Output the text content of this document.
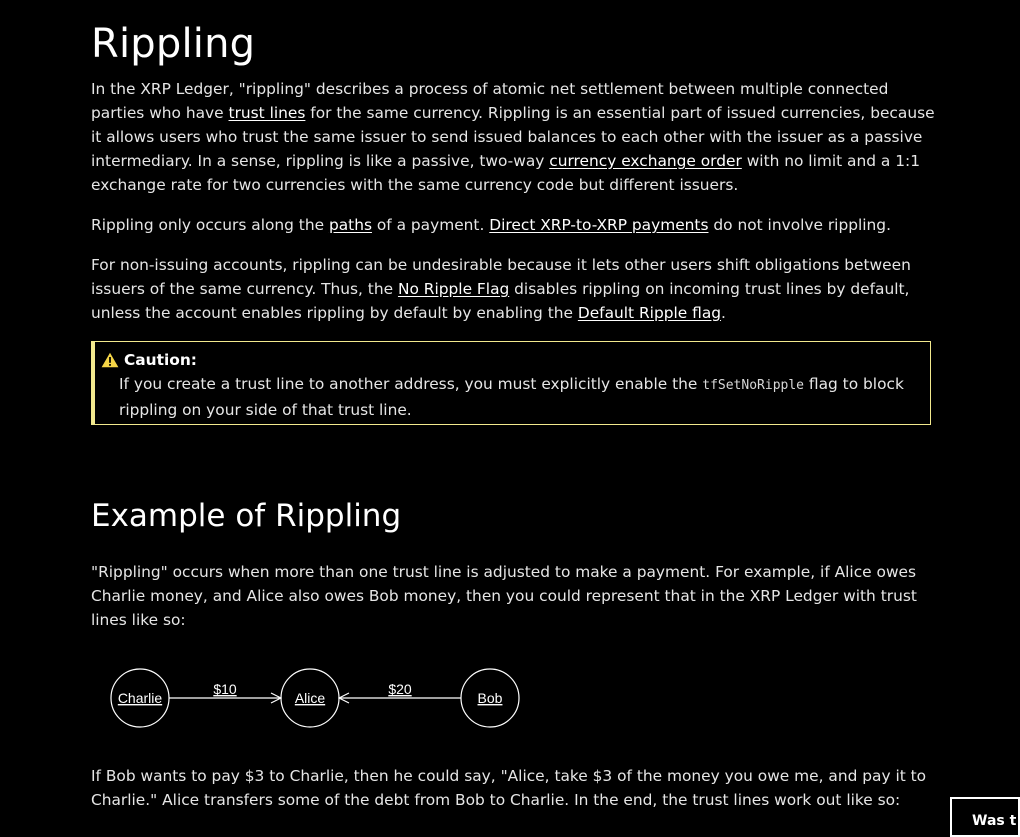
Rippling

In the XRP Ledger, "rippling" describes a process of atomic net settlement between multiple connected parties who have trust lines for the same currency. Rippling is an essential part of issued currencies, because it allows users who trust the same issuer to send issued balances to each other with the issuer as a passive intermediary. In a sense, rippling is like a passive, two-way currency exchange order with no limit and a 1:1 exchange rate for two currencies with the same currency code but different issuers.

Rippling only occurs along the paths of a payment. Direct XRP-to-XRP payments do not involve rippling.

For non-issuing accounts, rippling can be undesirable because it lets other users shift obligations between issuers of the same currency. Thus, the No Ripple Flag disables rippling on incoming trust lines by default, unless the account enables rippling by default by enabling the Default Ripple flag.

Caution:
If you create a trust line to another address, you must explicitly enable the tfSetNoRipple flag to block rippling on your side of that trust line.
Example of Rippling

"Rippling" occurs when more than one trust line is adjusted to make a payment. For example, if Alice owes Charlie money, and Alice also owes Bob money, then you could represent that in the XRP Ledger with trust lines like so:

If Bob wants to pay $3 to Charlie, then he could say, "Alice, take $3 of the money you owe me, and pay it to Charlie." Alice transfers some of the debt from Bob to Charlie. In the end, the trust lines work out like so:

Charlie	Alice	Bob
$10	$20
Was t
